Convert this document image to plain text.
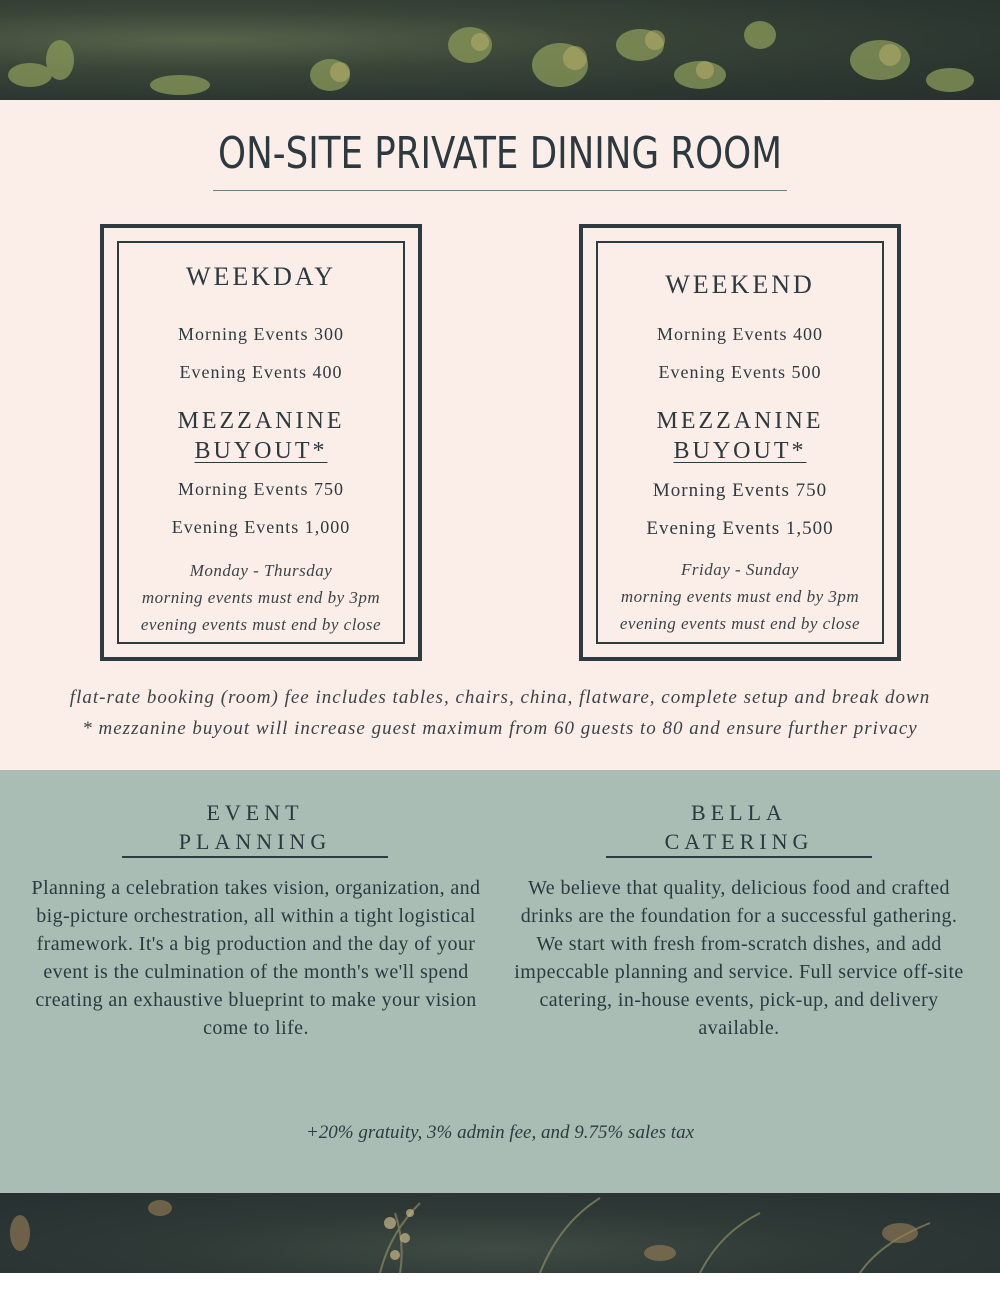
ON-SITE PRIVATE DINING ROOM
WEEKDAY
Morning Events 300
Evening Events 400
MEZZANINE
BUYOUT*
Morning Events 750
Evening Events 1,000
Monday - Thursday
morning events must end by 3pm
evening events must end by close
WEEKEND
Morning Events 400
Evening Events 500
MEZZANINE
BUYOUT*
Morning Events 750
Evening Events 1,500
Friday - Sunday
morning events must end by 3pm
evening events must end by close
flat-rate booking (room) fee includes tables, chairs, china, flatware, complete setup and break down
* mezzanine buyout will increase guest maximum from 60 guests to 80 and ensure further privacy
EVENT
PLANNING
Planning a celebration takes vision, organization, and big-picture orchestration, all within a tight logistical framework. It's a big production and the day of your event is the culmination of the month's we'll spend creating an exhaustive blueprint to make your vision come to life.
BELLA
CATERING
We believe that quality, delicious food and crafted drinks are the foundation for a successful gathering. We start with fresh from-scratch dishes, and add impeccable planning and service. Full service off-site catering, in-house events, pick-up, and delivery available.
+20% gratuity, 3% admin fee, and 9.75% sales tax
